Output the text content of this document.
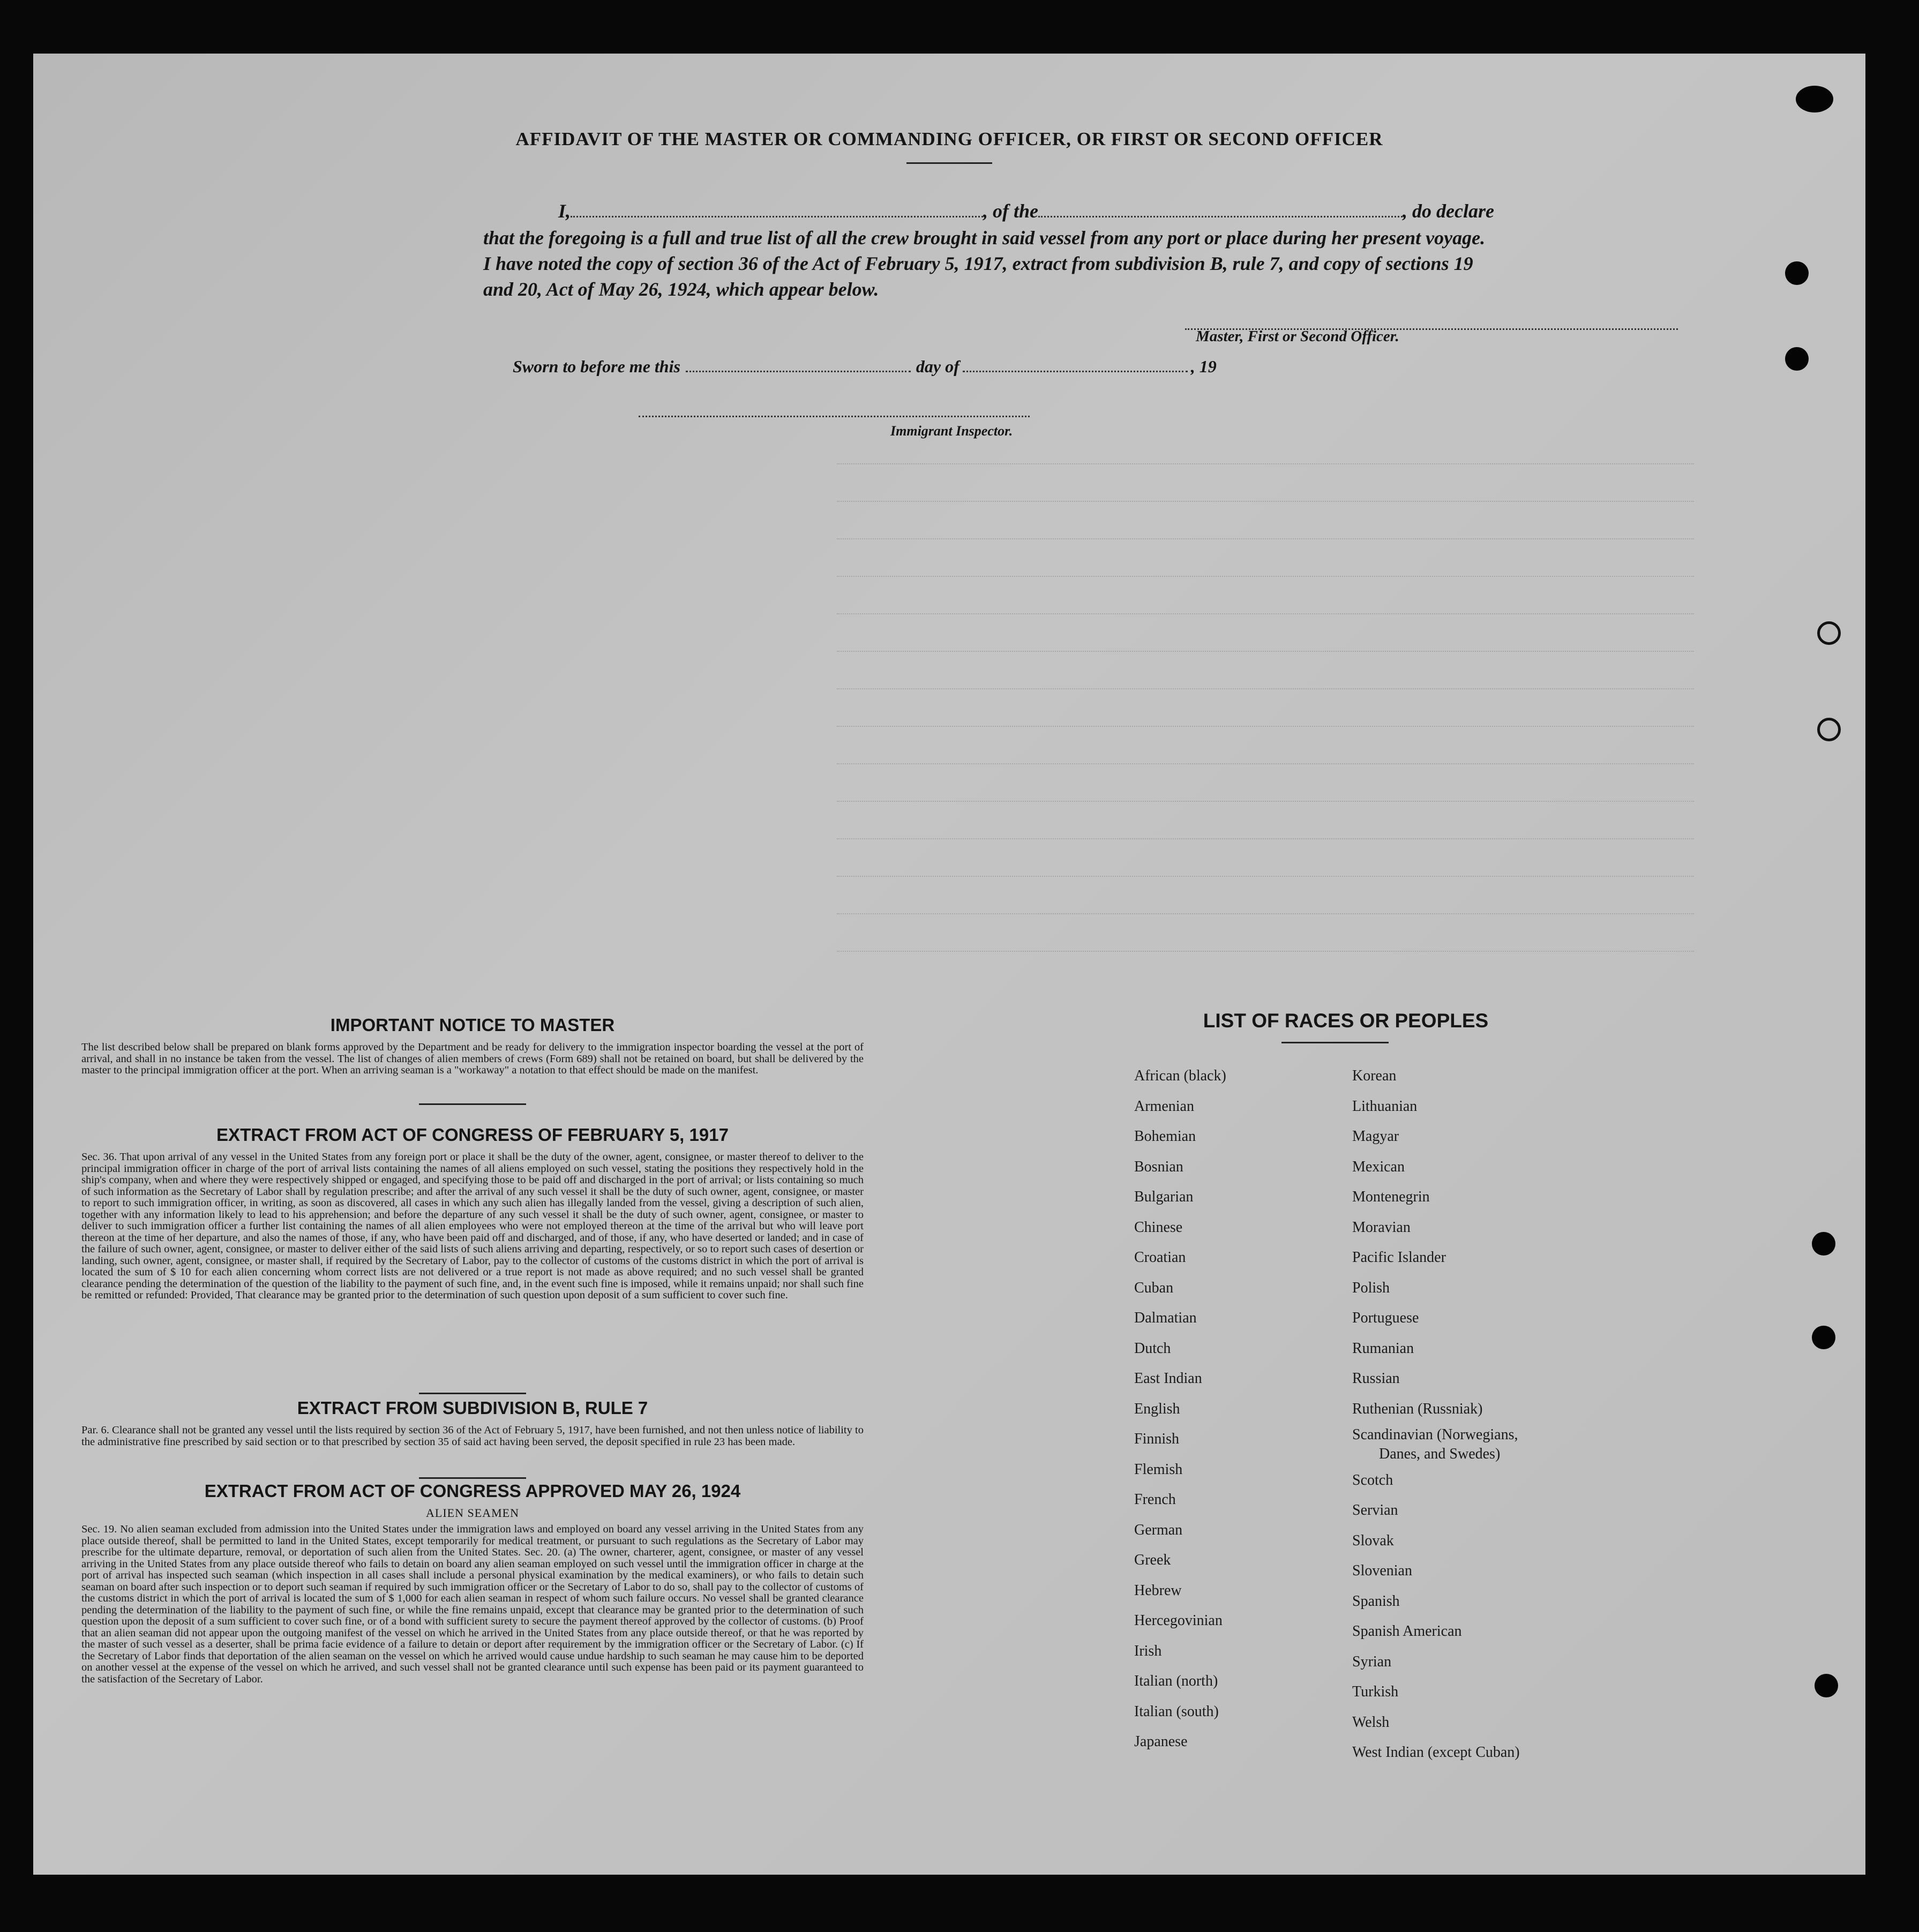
AFFIDAVIT OF THE MASTER OR COMMANDING OFFICER, OR FIRST OR SECOND OFFICER
I,	, of the	, do declare
that the foregoing is a full and true list of all the crew brought in said vessel from any port or place during her present voyage.
I have noted the copy of section 36 of the Act of February 5, 1917, extract from subdivision B, rule 7, and copy of sections 19
and 20, Act of May 26, 1924, which appear below.
Master, First or Second Officer.
Sworn to before me this	day of	, 19
Immigrant Inspector.
IMPORTANT NOTICE TO MASTER
The list described below shall be prepared on blank forms approved by the Department and be ready for delivery to the immigration inspector boarding the vessel at the port of arrival, and shall in no instance be taken from the vessel. The list of changes of alien members of crews (Form 689) shall not be retained on board, but shall be delivered by the master to the principal immigration officer at the port. When an arriving seaman is a "workaway" a notation to that effect should be made on the manifest.
EXTRACT FROM ACT OF CONGRESS OF FEBRUARY 5, 1917
Sec. 36. That upon arrival of any vessel in the United States from any foreign port or place it shall be the duty of the owner, agent, consignee, or master thereof to deliver to the principal immigration officer in charge of the port of arrival lists containing the names of all aliens employed on such vessel, stating the positions they respectively hold in the ship's company, when and where they were respectively shipped or engaged, and specifying those to be paid off and discharged in the port of arrival; or lists containing so much of such information as the Secretary of Labor shall by regulation prescribe; and after the arrival of any such vessel it shall be the duty of such owner, agent, consignee, or master to report to such immigration officer, in writing, as soon as discovered, all cases in which any such alien has illegally landed from the vessel, giving a description of such alien, together with any information likely to lead to his apprehension; and before the departure of any such vessel it shall be the duty of such owner, agent, consignee, or master to deliver to such immigration officer a further list containing the names of all alien employees who were not employed thereon at the time of the arrival but who will leave port thereon at the time of her departure, and also the names of those, if any, who have been paid off and discharged, and of those, if any, who have deserted or landed; and in case of the failure of such owner, agent, consignee, or master to deliver either of the said lists of such aliens arriving and departing, respectively, or so to report such cases of desertion or landing, such owner, agent, consignee, or master shall, if required by the Secretary of Labor, pay to the collector of customs of the customs district in which the port of arrival is located the sum of $ 10 for each alien concerning whom correct lists are not delivered or a true report is not made as above required; and no such vessel shall be granted clearance pending the determination of the question of the liability to the payment of such fine, and, in the event such fine is imposed, while it remains unpaid; nor shall such fine be remitted or refunded: Provided, That clearance may be granted prior to the determination of such question upon deposit of a sum sufficient to cover such fine.
EXTRACT FROM SUBDIVISION B, RULE 7
Par. 6. Clearance shall not be granted any vessel until the lists required by section 36 of the Act of February 5, 1917, have been furnished, and not then unless notice of liability to the administrative fine prescribed by said section or to that prescribed by section 35 of said act having been served, the deposit specified in rule 23 has been made.
EXTRACT FROM ACT OF CONGRESS APPROVED MAY 26, 1924
ALIEN SEAMEN
Sec. 19. No alien seaman excluded from admission into the United States under the immigration laws and employed on board any vessel arriving in the United States from any place outside thereof, shall be permitted to land in the United States, except temporarily for medical treatment, or pursuant to such regulations as the Secretary of Labor may prescribe for the ultimate departure, removal, or deportation of such alien from the United States. Sec. 20. (a) The owner, charterer, agent, consignee, or master of any vessel arriving in the United States from any place outside thereof who fails to detain on board any alien seaman employed on such vessel until the immigration officer in charge at the port of arrival has inspected such seaman (which inspection in all cases shall include a personal physical examination by the medical examiners), or who fails to detain such seaman on board after such inspection or to deport such seaman if required by such immigration officer or the Secretary of Labor to do so, shall pay to the collector of customs of the customs district in which the port of arrival is located the sum of $ 1,000 for each alien seaman in respect of whom such failure occurs. No vessel shall be granted clearance pending the determination of the liability to the payment of such fine, or while the fine remains unpaid, except that clearance may be granted prior to the determination of such question upon the deposit of a sum sufficient to cover such fine, or of a bond with sufficient surety to secure the payment thereof approved by the collector of customs. (b) Proof that an alien seaman did not appear upon the outgoing manifest of the vessel on which he arrived in the United States from any place outside thereof, or that he was reported by the master of such vessel as a deserter, shall be prima facie evidence of a failure to detain or deport after requirement by the immigration officer or the Secretary of Labor. (c) If the Secretary of Labor finds that deportation of the alien seaman on the vessel on which he arrived would cause undue hardship to such seaman he may cause him to be deported on another vessel at the expense of the vessel on which he arrived, and such vessel shall not be granted clearance until such expense has been paid or its payment guaranteed to the satisfaction of the Secretary of Labor.
LIST OF RACES OR PEOPLES
African (black)
Armenian
Bohemian
Bosnian
Bulgarian
Chinese
Croatian
Cuban
Dalmatian
Dutch
East Indian
English
Finnish
Flemish
French
German
Greek
Hebrew
Hercegovinian
Irish
Italian (north)
Italian (south)
Japanese
Korean
Lithuanian
Magyar
Mexican
Montenegrin
Moravian
Pacific Islander
Polish
Portuguese
Rumanian
Russian
Ruthenian (Russniak)
Scandinavian (Norwegians,
Danes, and Swedes)
Scotch
Servian
Slovak
Slovenian
Spanish
Spanish American
Syrian
Turkish
Welsh
West Indian (except Cuban)
